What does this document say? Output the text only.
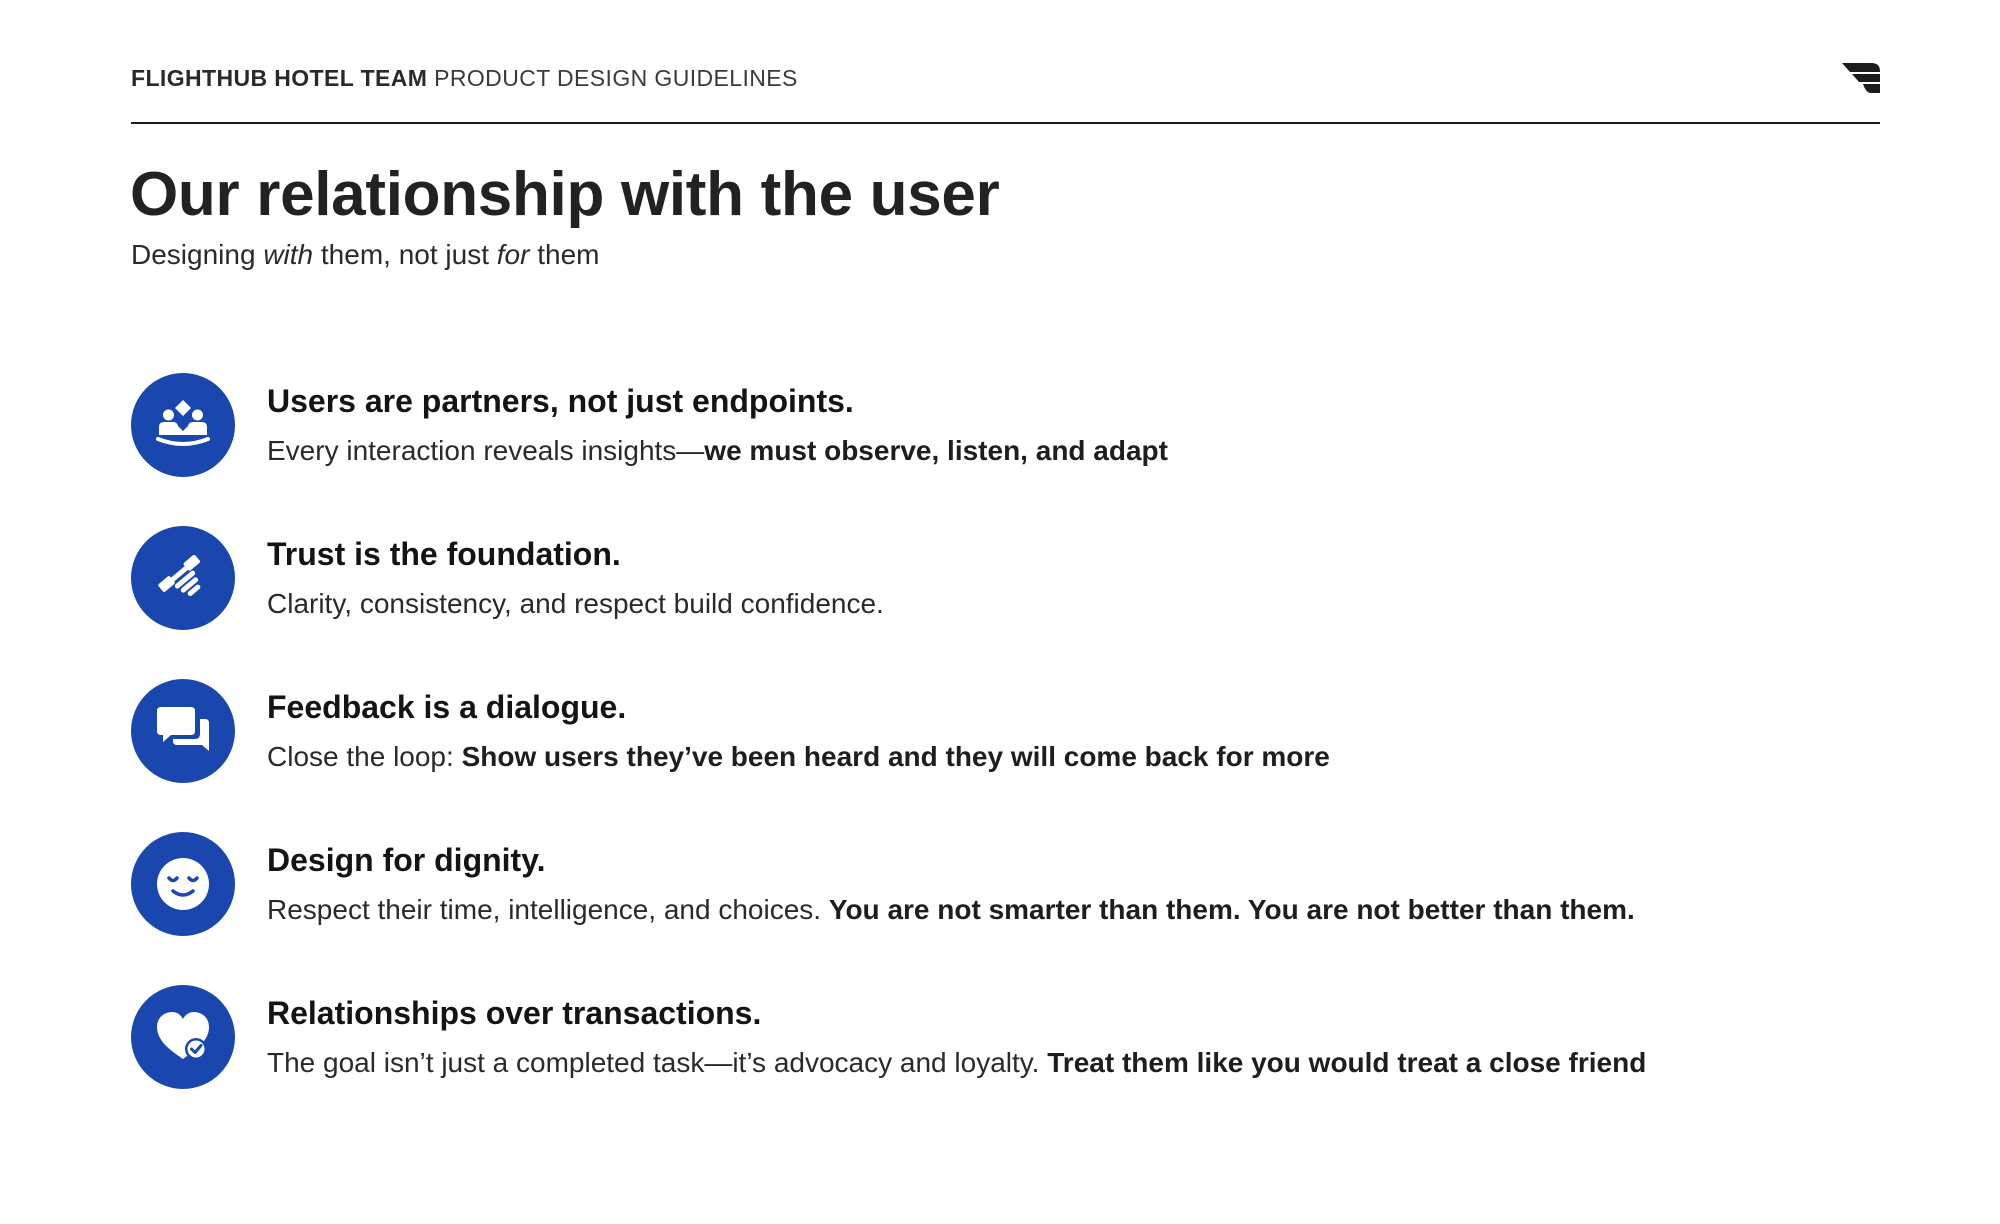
FLIGHTHUB HOTEL TEAM PRODUCT DESIGN GUIDELINES
Our relationship with the user
Designing with them, not just for them
Users are partners, not just endpoints.
Every interaction reveals insights—we must observe, listen, and adapt
Trust is the foundation.
Clarity, consistency, and respect build confidence.
Feedback is a dialogue.
Close the loop: Show users they’ve been heard and they will come back for more
Design for dignity.
Respect their time, intelligence, and choices. You are not smarter than them. You are not better than them.
Relationships over transactions.
The goal isn’t just a completed task—it’s advocacy and loyalty. Treat them like you would treat a close friend
